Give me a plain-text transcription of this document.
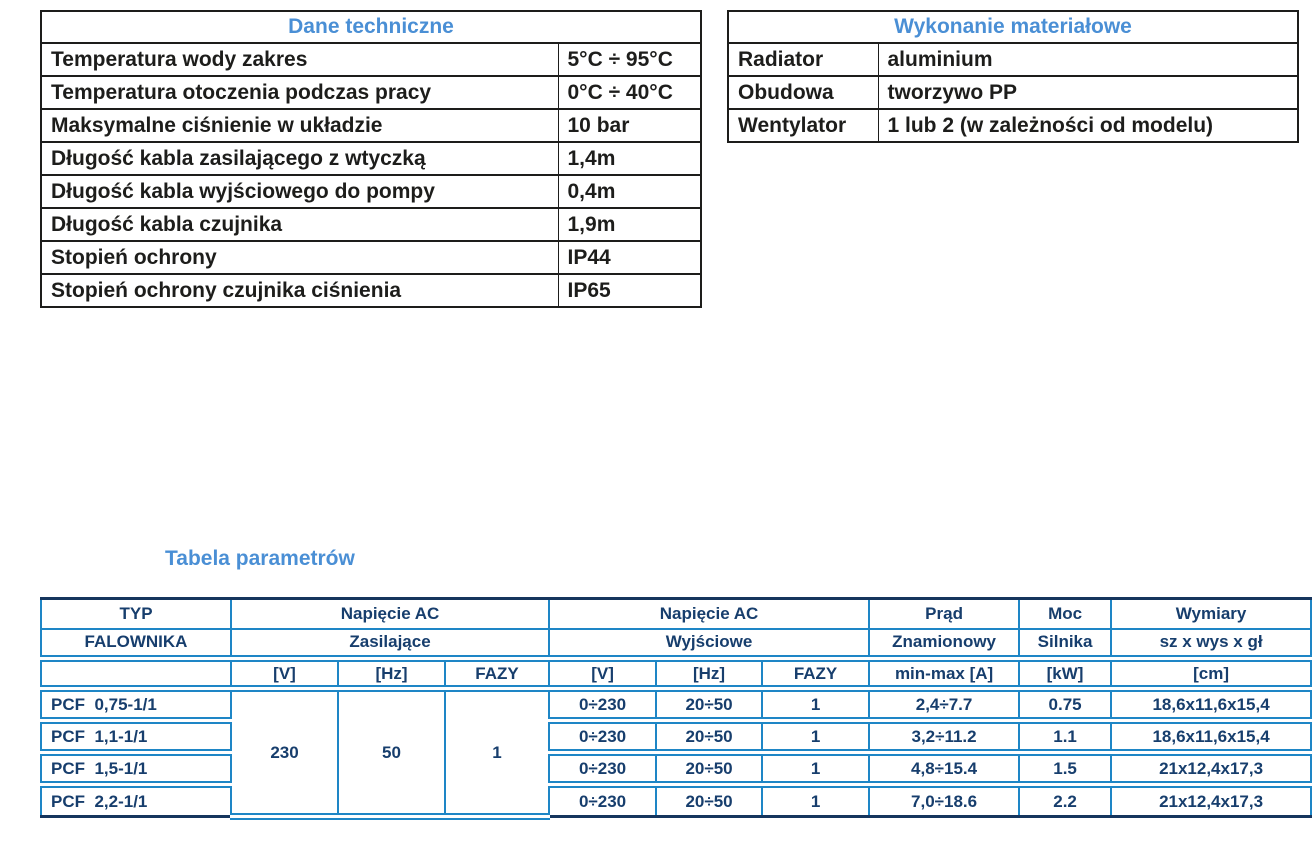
Dane techniczne	
Temperatura wody zakres	5°C ÷ 95°C
Temperatura otoczenia podczas pracy	0°C ÷ 40°C
Maksymalne ciśnienie w układzie	10 bar
Długość kabla zasilającego z wtyczką	1,4m
Długość kabla wyjściowego do pompy	0,4m
Długość kabla czujnika	1,9m
Stopień ochrony	IP44
Stopień ochrony czujnika ciśnienia	IP65
Wykonanie materiałowe	
Radiator	aluminium
Obudowa	tworzywo PP
Wentylator	1 lub 2 (w zależności od modelu)
Tabela parametrów
TYP	Napięcie AC			Napięcie AC			Prąd	Moc	Wymiary
FALOWNIKA	Zasilające			Wyjściowe			Znamionowy	Silnika	sz x wys x gł
	[V]	[Hz]	FAZY	[V]	[Hz]	FAZY	min-max [A]	[kW]	[cm]
PCF  0,75-1/1	230	50	1	0÷230	20÷50	1	2,4÷7.7	0.75	18,6x11,6x15,4
PCF  1,1-1/1				0÷230	20÷50	1	3,2÷11.2	1.1	18,6x11,6x15,4
PCF  1,5-1/1				0÷230	20÷50	1	4,8÷15.4	1.5	21x12,4x17,3
PCF  2,2-1/1				0÷230	20÷50	1	7,0÷18.6	2.2	21x12,4x17,3
